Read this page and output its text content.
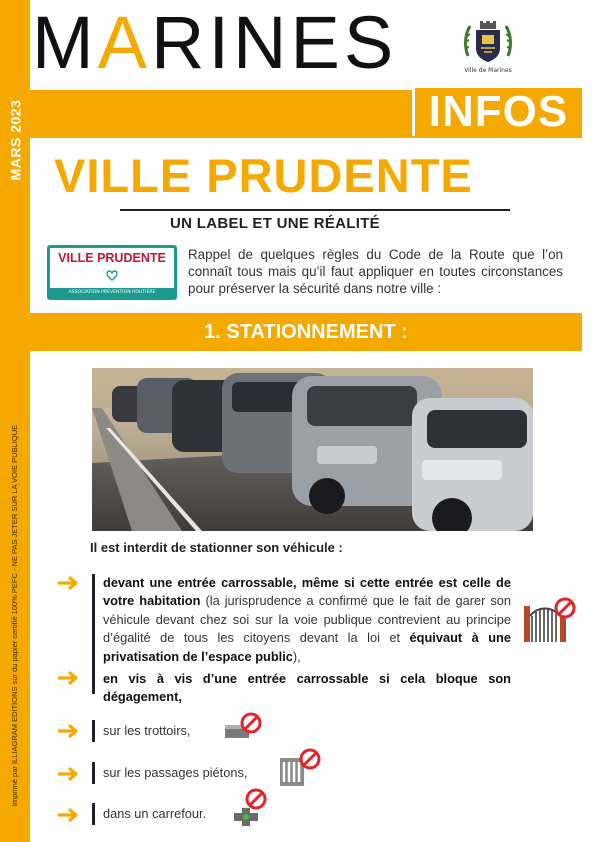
MARS 2023
Imprimé par ILLIAGRAM EDITIONS sur du papier certifié 100% PEFC - NE PAS JETER SUR LA VOIE PUBLIQUE
MARINES	Ville de Marines
INFOS
VILLE PRUDENTE
UN LABEL ET UNE RÉALITÉ
VILLE PRUDENTE
ASSOCIATION PRÉVENTION ROUTIÈRE
Rappel de quelques règles du Code de la Route que l’on connaît tous mais qu’il faut appliquer en toutes circonstances pour préserver la sécurité dans notre ville :
1. STATIONNEMENT :
Il est interdit de stationner son véhicule :
devant une entrée carrossable, même si cette entrée est celle de votre habitation (la jurisprudence a confirmé que le fait de garer son véhicule devant chez soi sur la voie publique contrevient au principe d’égalité de tous les citoyens devant la loi et équivaut à une privatisation de l’espace public),
en vis à vis d’une entrée carrossable si cela bloque son dégagement,
sur les trottoirs,
sur les passages piétons,
dans un carrefour.
